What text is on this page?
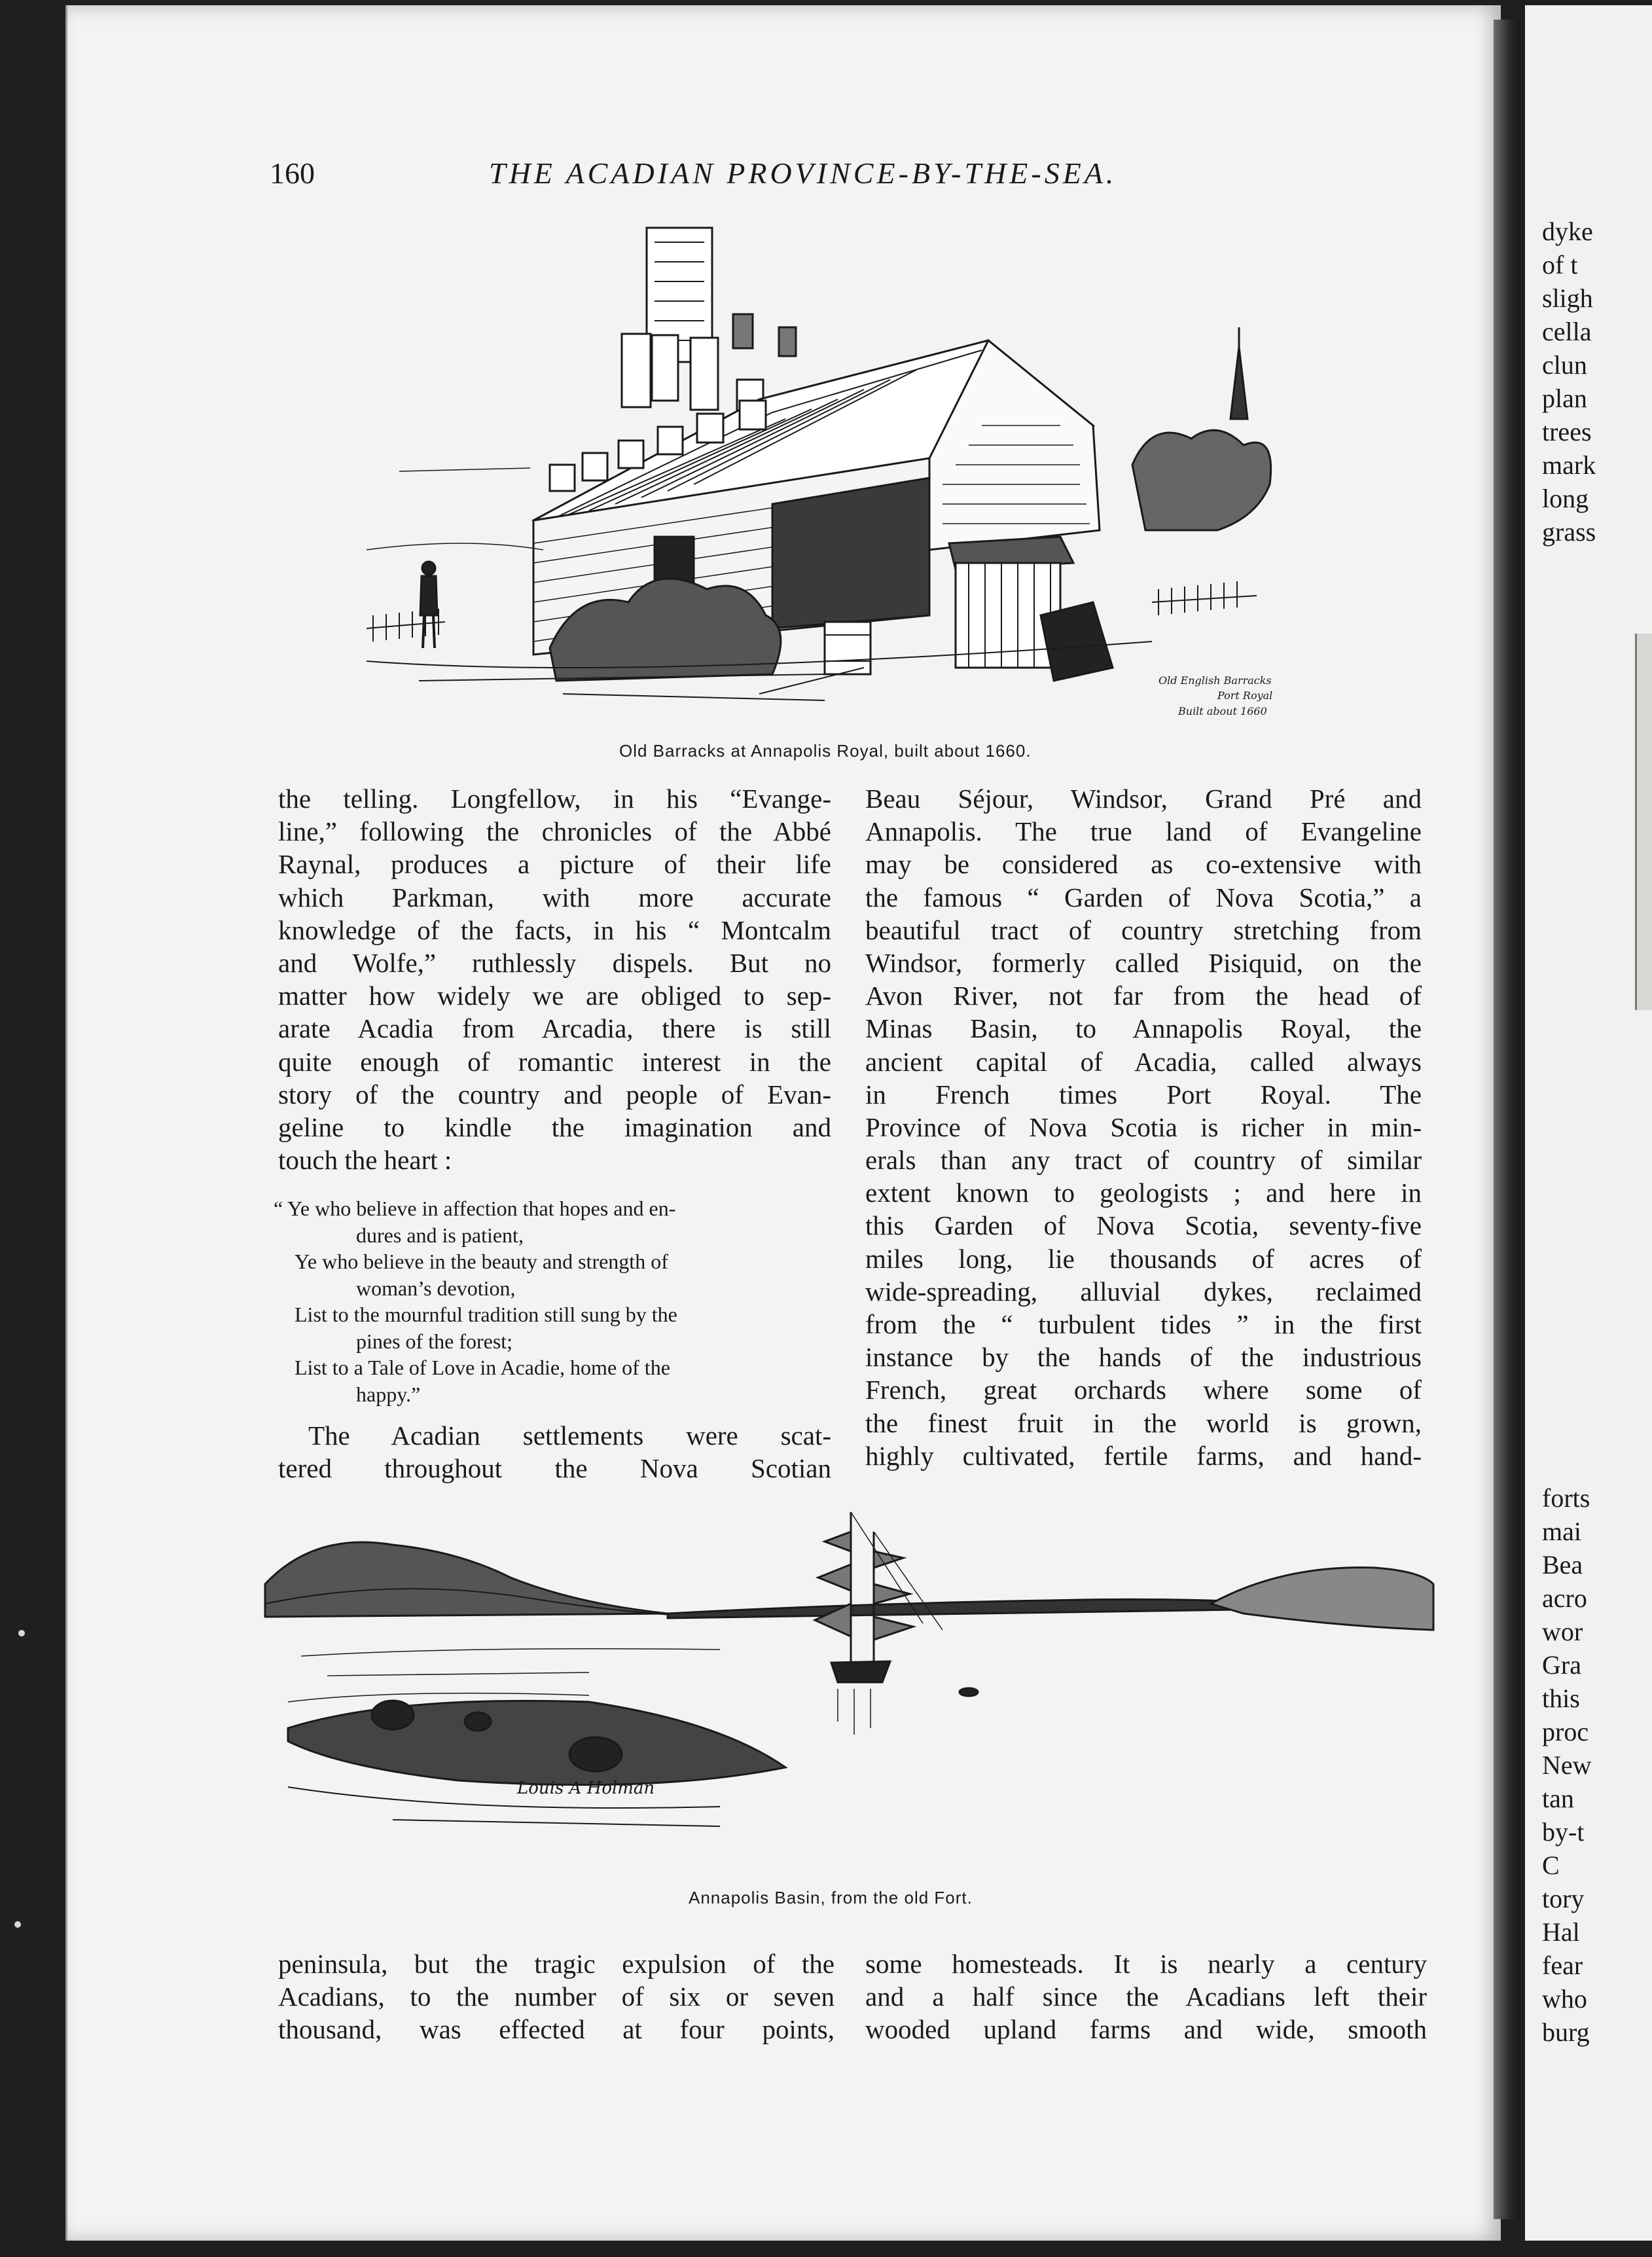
dyke
of t
sligh
cella
clun
plan
trees
mark
long
grass
forts
mai
Bea
acro
wor
Gra
this
proc
New
tan
by-t
C
tory
Hal
fear
who
burg
160	THE ACADIAN PROVINCE-BY-THE-SEA.
Old English Barracks
Port Royal
Built about 1660
Old Barracks at Annapolis Royal, built about 1660.
the telling. Longfellow, in his “Evange-
line,” following the chronicles of the Abbé
Raynal, produces a picture of their life
which Parkman, with more accurate
knowledge of the facts, in his “ Montcalm
and Wolfe,” ruthlessly dispels. But no
matter how widely we are obliged to sep-
arate Acadia from Arcadia, there is still
quite enough of romantic interest in the
story of the country and people of Evan-
geline to kindle the imagination and
touch the heart :
“ Ye who believe in affection that hopes and en-
dures and is patient,
Ye who believe in the beauty and strength of
woman’s devotion,
List to the mournful tradition still sung by the
pines of the forest;
List to a Tale of Love in Acadie, home of the
happy.”
The Acadian settlements were scat-
tered throughout the Nova Scotian
Beau Séjour, Windsor, Grand Pré and
Annapolis. The true land of Evangeline
may be considered as co-extensive with
the famous “ Garden of Nova Scotia,” a
beautiful tract of country stretching from
Windsor, formerly called Pisiquid, on the
Avon River, not far from the head of
Minas Basin, to Annapolis Royal, the
ancient capital of Acadia, called always
in French times Port Royal. The
Province of Nova Scotia is richer in min-
erals than any tract of country of similar
extent known to geologists ; and here in
this Garden of Nova Scotia, seventy-five
miles long, lie thousands of acres of
wide-spreading, alluvial dykes, reclaimed
from the “ turbulent tides ” in the first
instance by the hands of the industrious
French, great orchards where some of
the finest fruit in the world is grown,
highly cultivated, fertile farms, and hand-
Louis A Holman
Annapolis Basin, from the old Fort.
peninsula, but the tragic expulsion of the
Acadians, to the number of six or seven
thousand, was effected at four points,
some homesteads. It is nearly a century
and a half since the Acadians left their
wooded upland farms and wide, smooth
